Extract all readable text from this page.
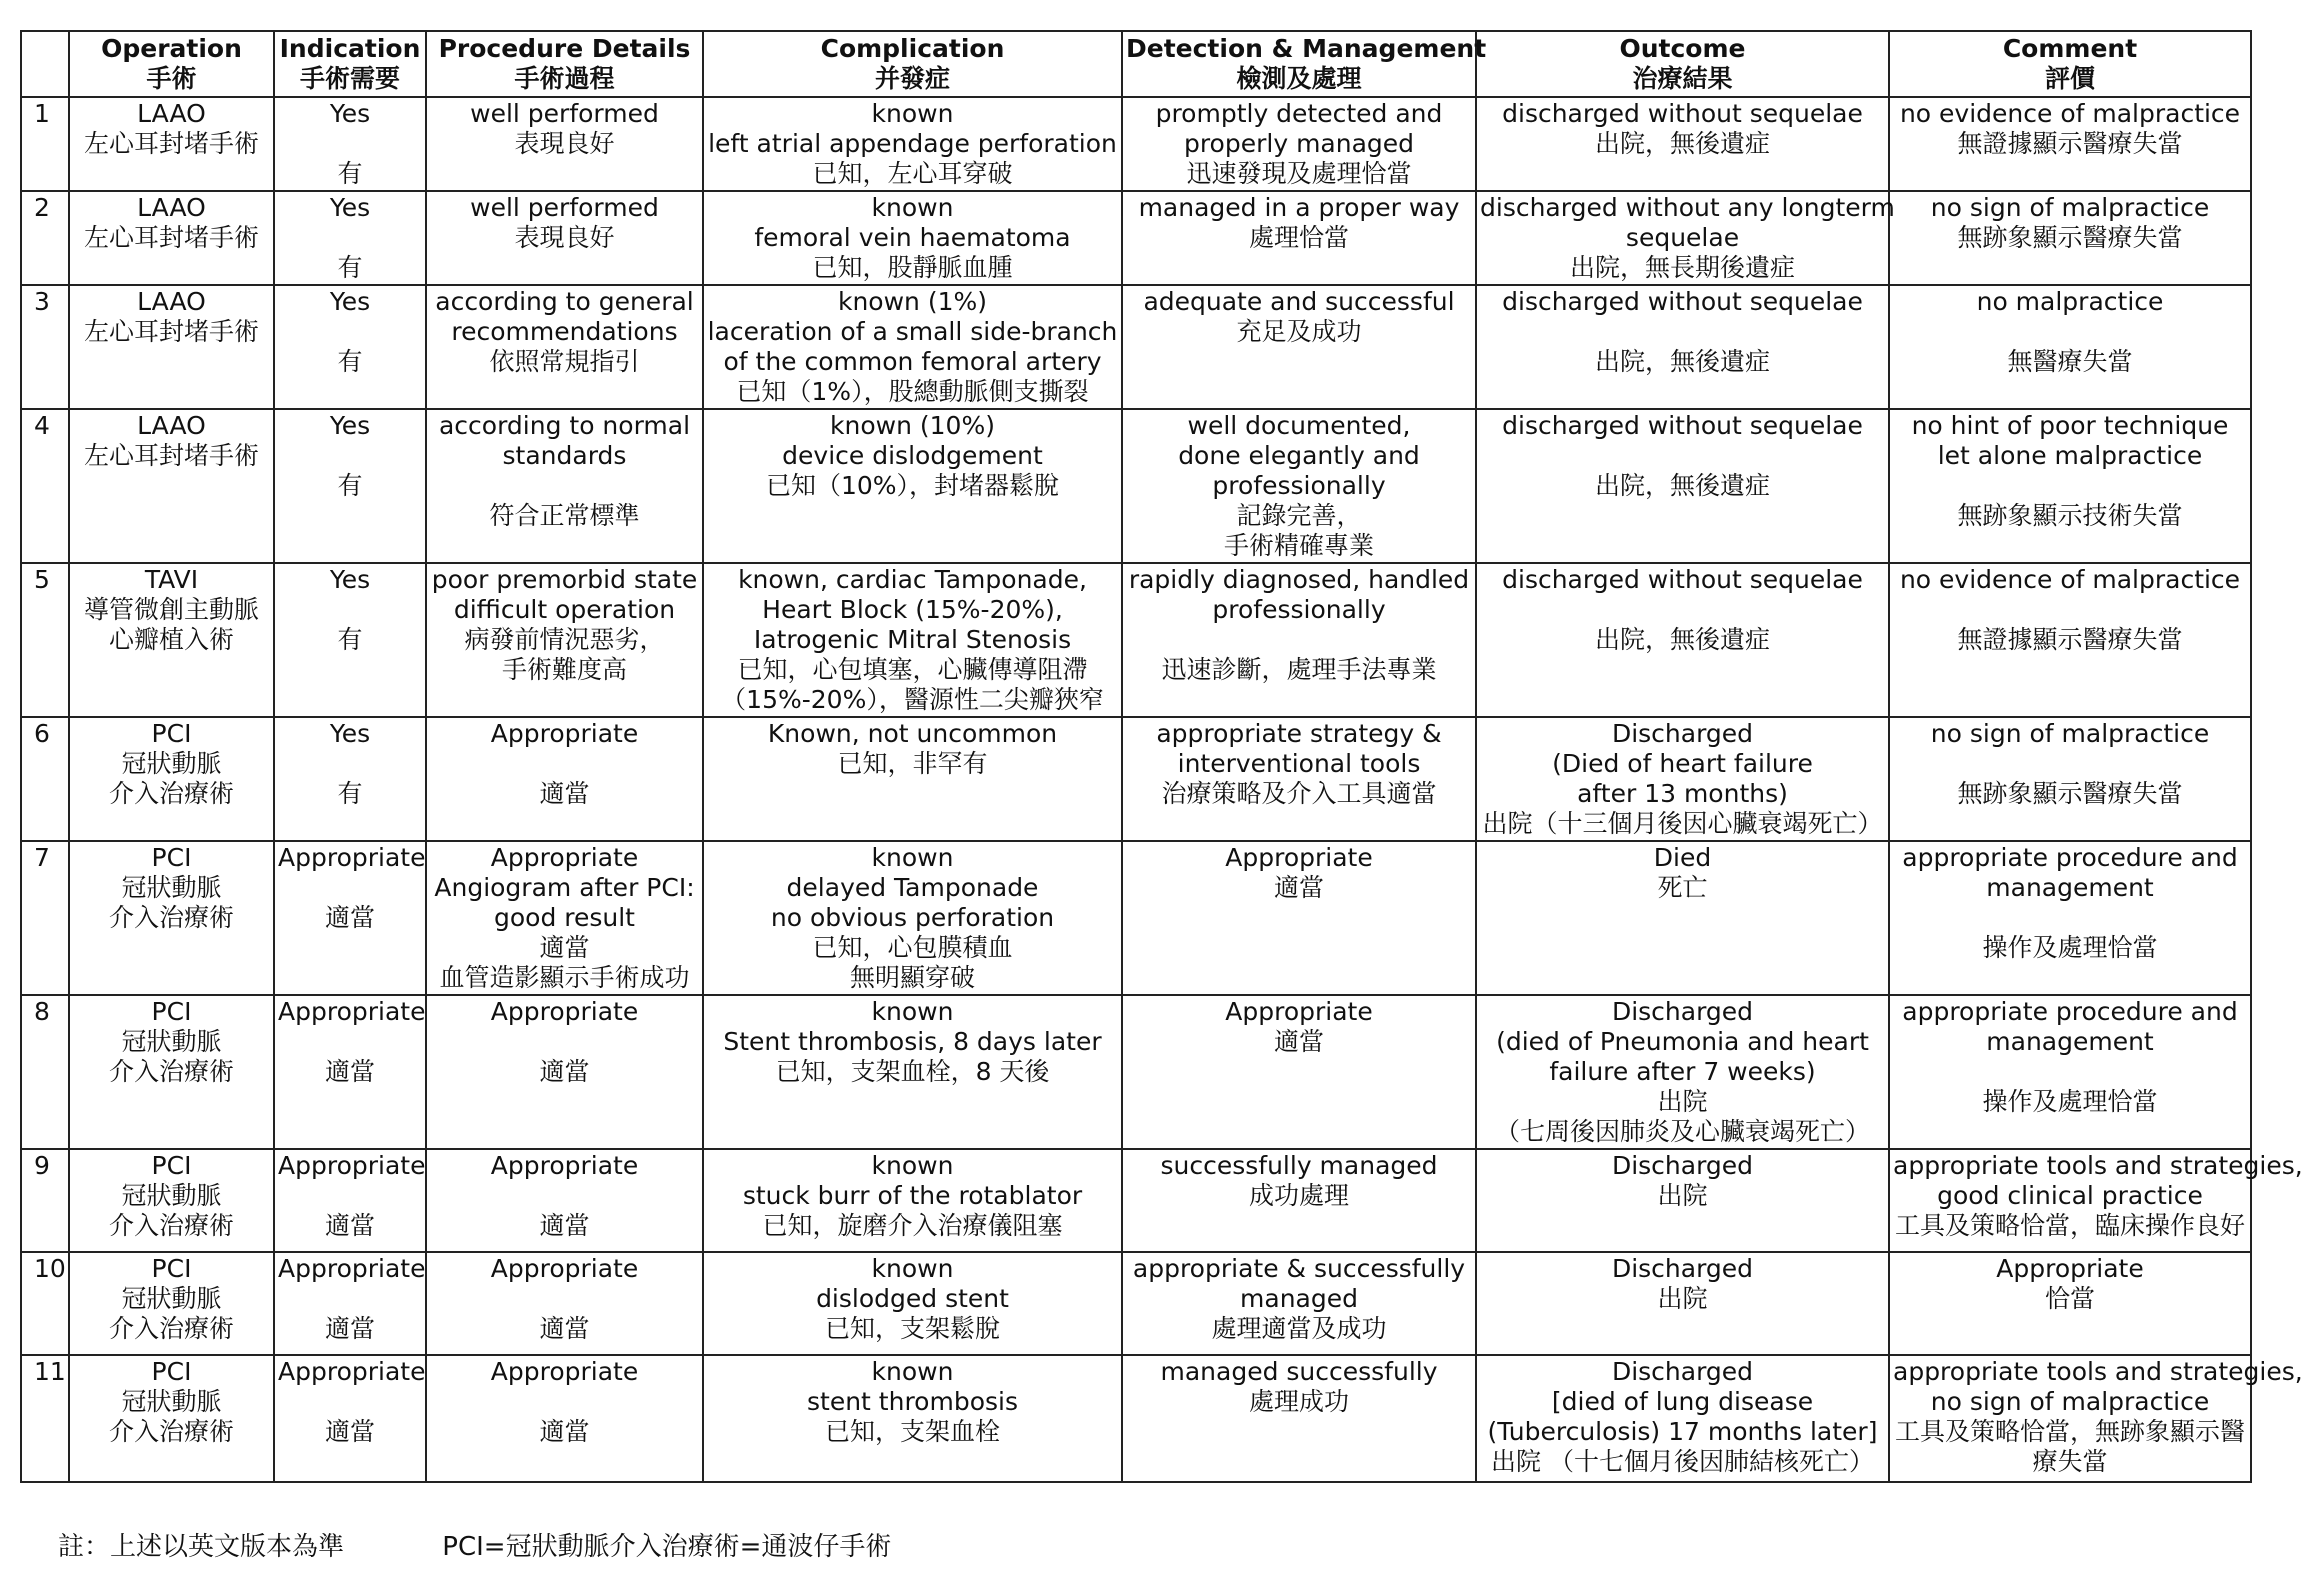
	Operation
手術	Indication
手術需要	Procedure Details
手術過程	Complication
并發症	Detection & Management
檢測及處理	Outcome
治療結果	Comment
評價

1	LAAO
左心耳封堵手術	Yes
有	well performed
表現良好	known
left atrial appendage perforation
已知，左心耳穿破	promptly detected and
properly managed
迅速發現及處理恰當	discharged without sequelae
出院，無後遺症	no evidence of malpractice
無證據顯示醫療失當

2	LAAO
左心耳封堵手術	Yes
有	well performed
表現良好	known
femoral vein haematoma
已知，股靜脈血腫	managed in a proper way
處理恰當	discharged without any longterm
sequelae
出院，無長期後遺症	no sign of malpractice
無跡象顯示醫療失當

3	LAAO
左心耳封堵手術	Yes
有	according to general
recommendations
依照常規指引	known (1%)
laceration of a small side-branch
of the common femoral artery
已知（1%），股總動脈側支撕裂	adequate and successful
充足及成功	discharged without sequelae
出院，無後遺症	no malpractice
無醫療失當

4	LAAO
左心耳封堵手術	Yes
有	according to normal
standards
符合正常標準	known (10%)
device dislodgement
已知（10%），封堵器鬆脫	well documented,
done elegantly and
professionally
記錄完善，
手術精確專業	discharged without sequelae
出院，無後遺症	no hint of poor technique
let alone malpractice
無跡象顯示技術失當

5	TAVI
導管微創主動脈
心瓣植入術	Yes
有	poor premorbid state
difficult operation
病發前情況惡劣，
手術難度高	known, cardiac Tamponade,
Heart Block (15%-20%),
Iatrogenic Mitral Stenosis
已知，心包填塞，心臟傳導阻滯
（15%-20%），醫源性二尖瓣狹窄	rapidly diagnosed, handled
professionally
迅速診斷，處理手法專業	discharged without sequelae
出院，無後遺症	no evidence of malpractice
無證據顯示醫療失當

6	PCI
冠狀動脈
介入治療術	Yes
有	Appropriate
適當	Known, not uncommon
已知，非罕有	appropriate strategy &
interventional tools
治療策略及介入工具適當	Discharged
(Died of heart failure
after 13 months)
出院（十三個月後因心臟衰竭死亡）	no sign of malpractice
無跡象顯示醫療失當

7	PCI
冠狀動脈
介入治療術	Appropriate
適當	Appropriate
Angiogram after PCI:
good result
適當
血管造影顯示手術成功	known
delayed Tamponade
no obvious perforation
已知，心包膜積血
無明顯穿破	Appropriate
適當	Died
死亡	appropriate procedure and
management
操作及處理恰當

8	PCI
冠狀動脈
介入治療術	Appropriate
適當	Appropriate
適當	known
Stent thrombosis, 8 days later
已知，支架血栓，8 天後	Appropriate
適當	Discharged
(died of Pneumonia and heart
failure after 7 weeks)
出院
（七周後因肺炎及心臟衰竭死亡）	appropriate procedure and
management
操作及處理恰當

9	PCI
冠狀動脈
介入治療術	Appropriate
適當	Appropriate
適當	known
stuck burr of the rotablator
已知，旋磨介入治療儀阻塞	successfully managed
成功處理	Discharged
出院	appropriate tools and strategies,
good clinical practice
工具及策略恰當，臨床操作良好

10	PCI
冠狀動脈
介入治療術	Appropriate
適當	Appropriate
適當	known
dislodged stent
已知，支架鬆脫	appropriate & successfully
managed
處理適當及成功	Discharged
出院	Appropriate
恰當

11	PCI
冠狀動脈
介入治療術	Appropriate
適當	Appropriate
適當	known
stent thrombosis
已知，支架血栓	managed successfully
處理成功	Discharged
[died of lung disease
(Tuberculosis) 17 months later]
出院 （十七個月後因肺結核死亡）	appropriate tools and strategies,
no sign of malpractice
工具及策略恰當，無跡象顯示醫
療失當
註：上述以英文版本為準	PCI=冠狀動脈介入治療術=通波仔手術
